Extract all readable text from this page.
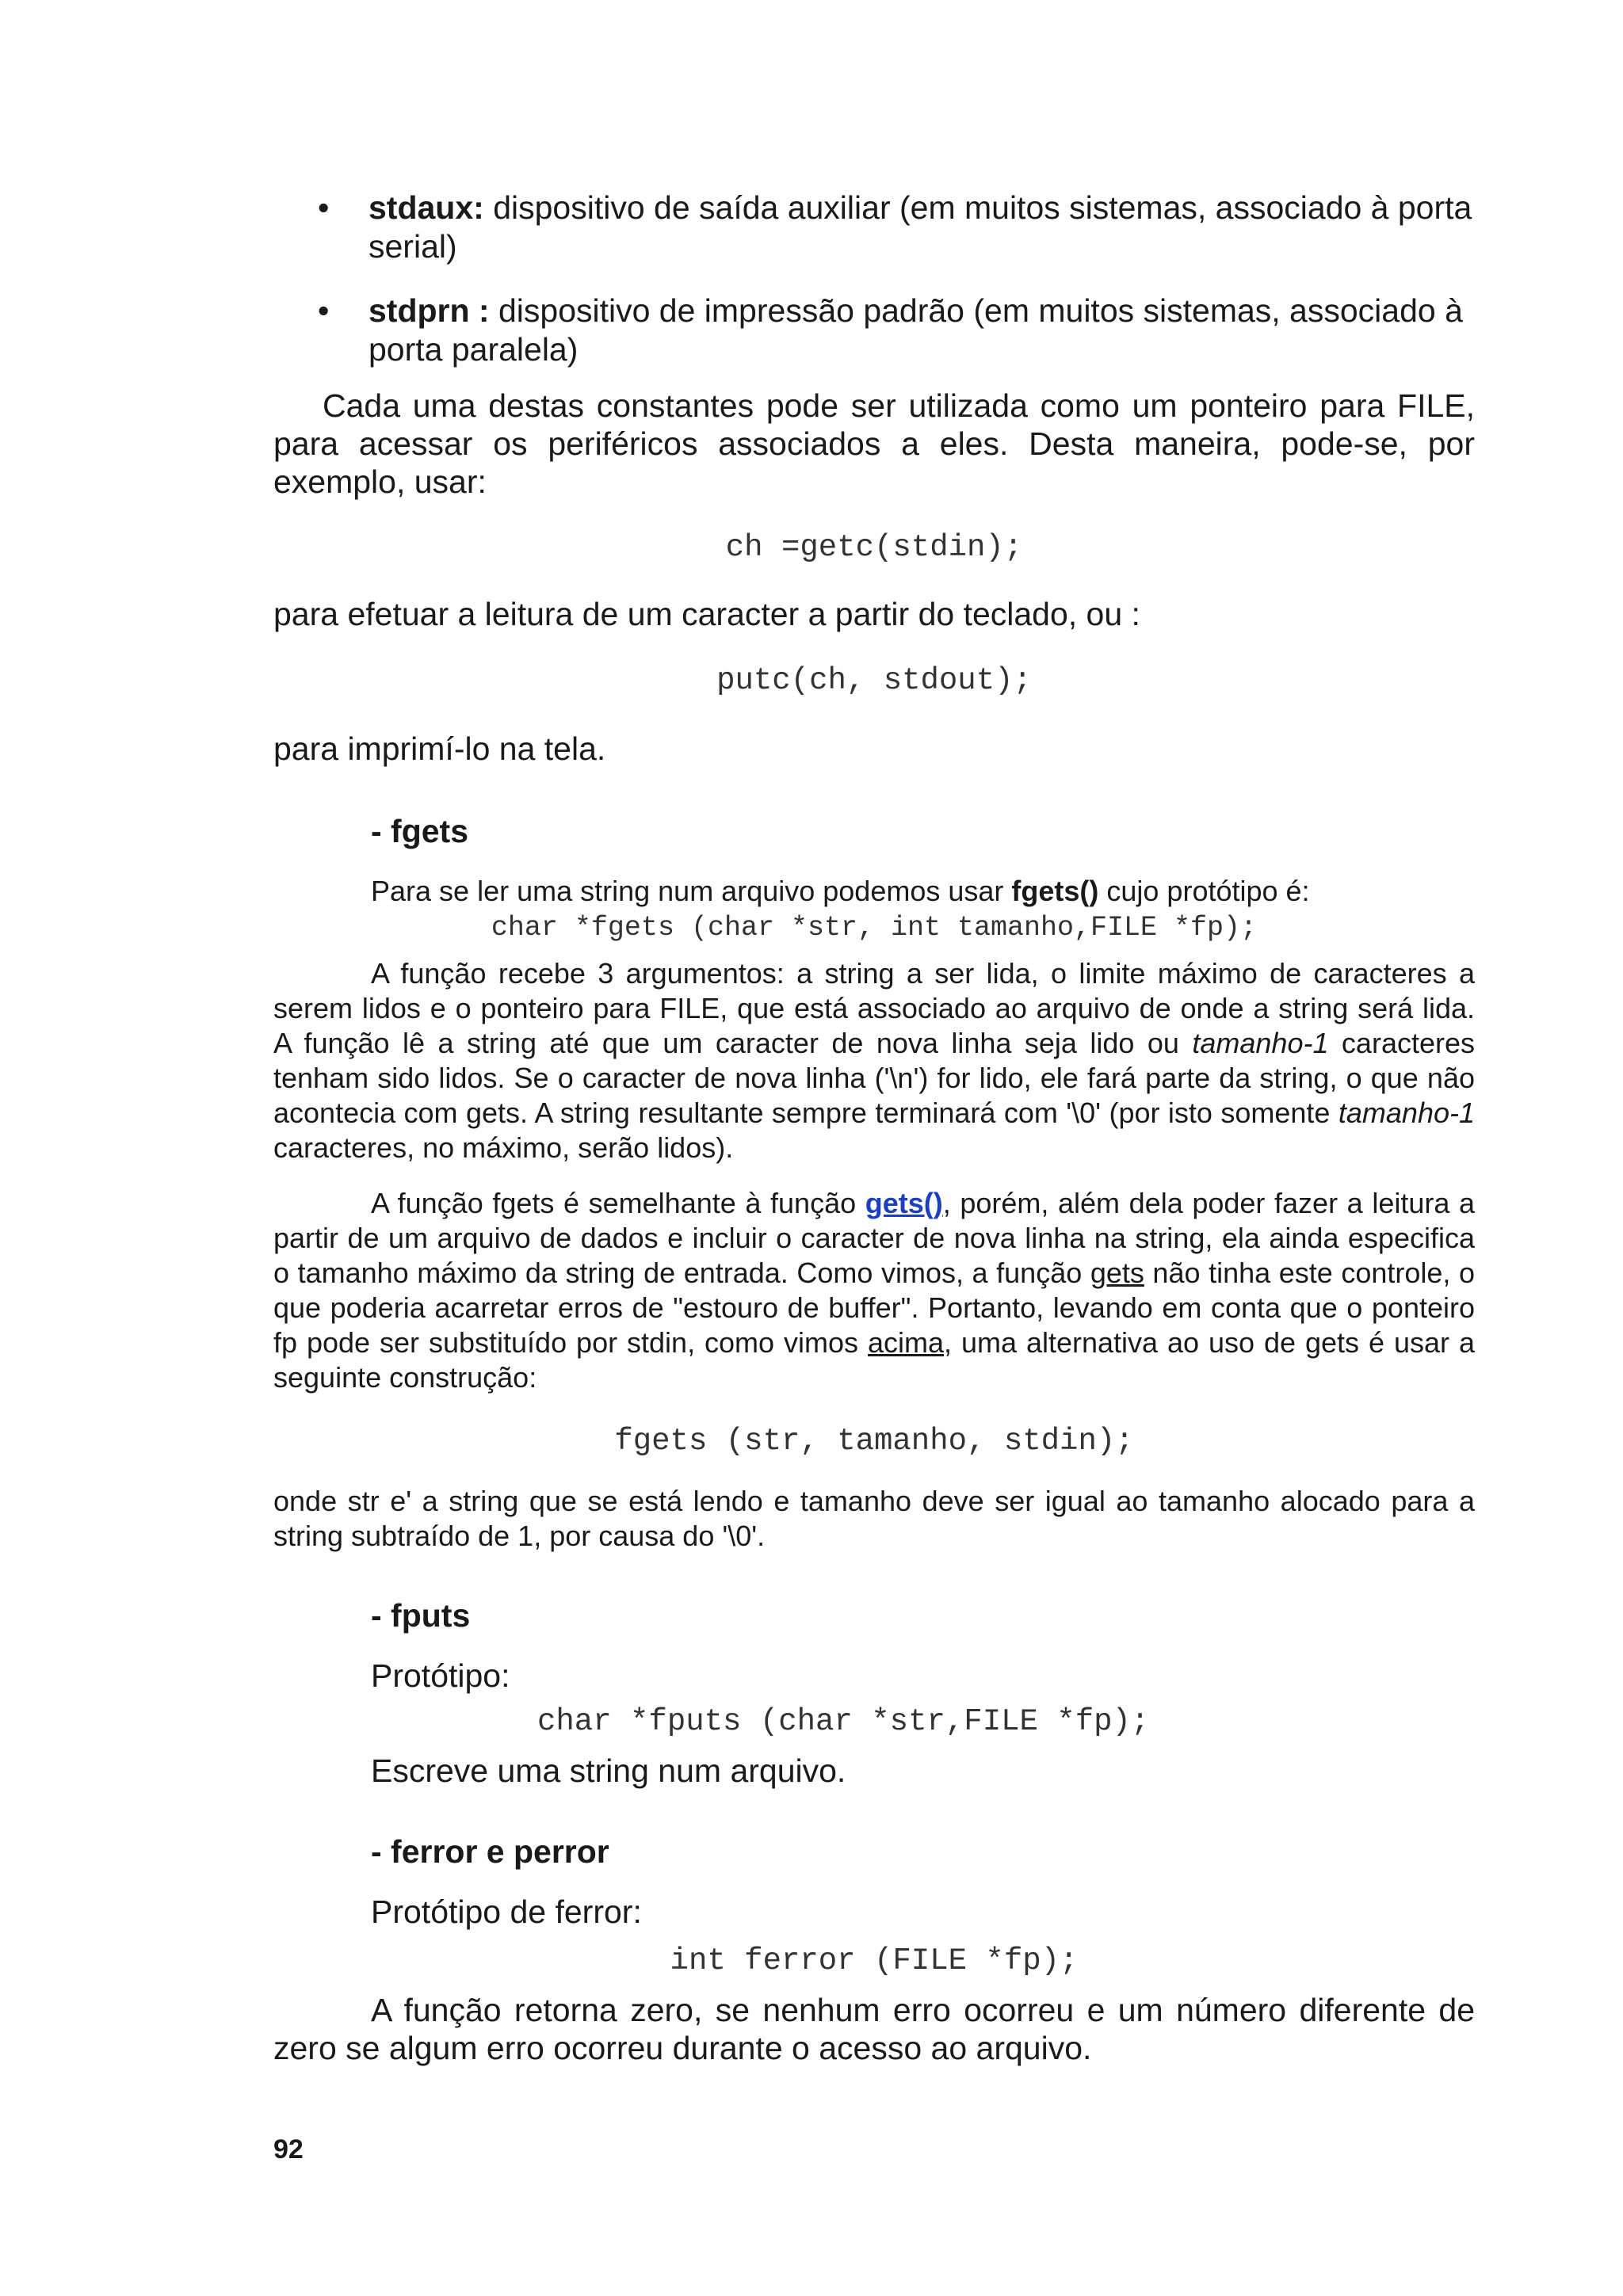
• stdaux: dispositivo de saída auxiliar (em muitos sistemas, associado à porta serial)
• stdprn : dispositivo de impressão padrão (em muitos sistemas, associado à porta paralela)

Cada uma destas constantes pode ser utilizada como um ponteiro para FILE, para acessar os periféricos associados a eles. Desta maneira, pode-se, por exemplo, usar:

ch =getc(stdin);

para efetuar a leitura de um caracter a partir do teclado, ou :

putc(ch, stdout);

para imprimí-lo na tela.

- fgets

Para se ler uma string num arquivo podemos usar fgets() cujo protótipo é:

char *fgets (char *str, int tamanho,FILE *fp);

A função recebe 3 argumentos: a string a ser lida, o limite máximo de caracteres a serem lidos e o ponteiro para FILE, que está associado ao arquivo de onde a string será lida. A função lê a string até que um caracter de nova linha seja lido ou tamanho-1 caracteres tenham sido lidos. Se o caracter de nova linha ('\n') for lido, ele fará parte da string, o que não acontecia com gets. A string resultante sempre terminará com '\0' (por isto somente tamanho-1 caracteres, no máximo, serão lidos).

A função fgets é semelhante à função gets(), porém, além dela poder fazer a leitura a partir de um arquivo de dados e incluir o caracter de nova linha na string, ela ainda especifica o tamanho máximo da string de entrada. Como vimos, a função gets não tinha este controle, o que poderia acarretar erros de "estouro de buffer". Portanto, levando em conta que o ponteiro fp pode ser substituído por stdin, como vimos acima, uma alternativa ao uso de gets é usar a seguinte construção:

fgets (str, tamanho, stdin);

onde str e' a string que se está lendo e tamanho deve ser igual ao tamanho alocado para a string subtraído de 1, por causa do '\0'.

- fputs

Protótipo:

char *fputs (char *str,FILE *fp);

Escreve uma string num arquivo.

- ferror e perror

Protótipo de ferror:

int ferror (FILE *fp);

A função retorna zero, se nenhum erro ocorreu e um número diferente de zero se algum erro ocorreu durante o acesso ao arquivo.

92
